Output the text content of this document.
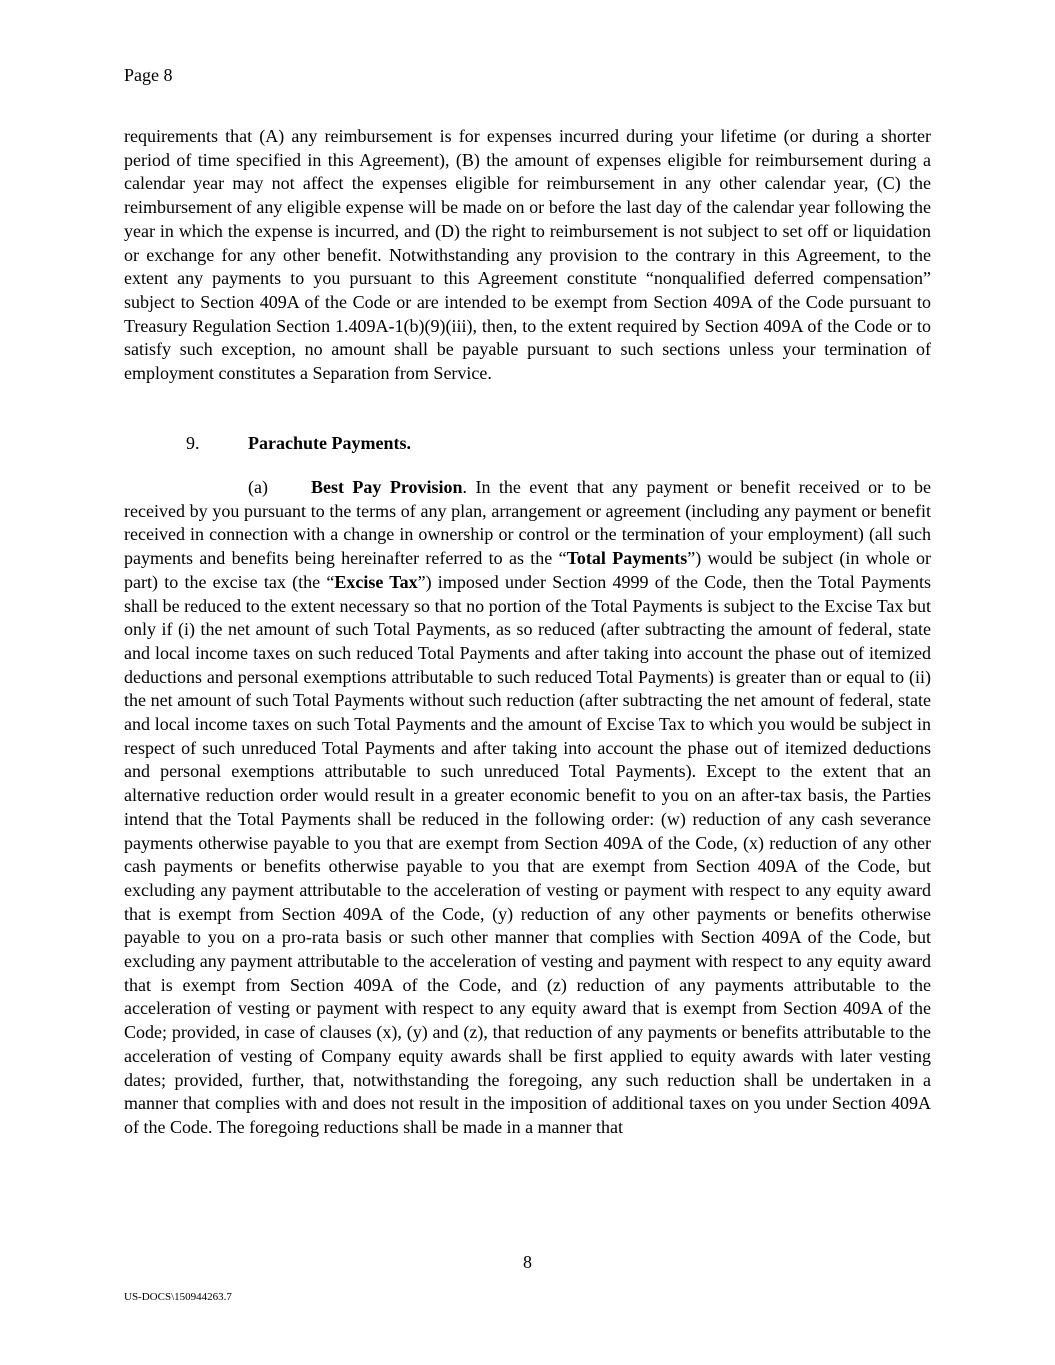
Page 8

requirements that (A) any reimbursement is for expenses incurred during your lifetime (or during a shorter period of time specified in this Agreement), (B) the amount of expenses eligible for reimbursement during a calendar year may not affect the expenses eligible for reimbursement in any other calendar year, (C) the reimbursement of any eligible expense will be made on or before the last day of the calendar year following the year in which the expense is incurred, and (D) the right to reimbursement is not subject to set off or liquidation or exchange for any other benefit. Notwithstanding any provision to the contrary in this Agreement, to the extent any payments to you pursuant to this Agreement constitute “nonqualified deferred compensation” subject to Section 409A of the Code or are intended to be exempt from Section 409A of the Code pursuant to Treasury Regulation Section 1.409A-1(b)(9)(iii), then, to the extent required by Section 409A of the Code or to satisfy such exception, no amount shall be payable pursuant to such sections unless your termination of employment constitutes a Separation from Service.

9.	Parachute Payments.

(a) Best Pay Provision. In the event that any payment or benefit received or to be received by you pursuant to the terms of any plan, arrangement or agreement (including any payment or benefit received in connection with a change in ownership or control or the termination of your employment) (all such payments and benefits being hereinafter referred to as the “Total Payments”) would be subject (in whole or part) to the excise tax (the “Excise Tax”) imposed under Section 4999 of the Code, then the Total Payments shall be reduced to the extent necessary so that no portion of the Total Payments is subject to the Excise Tax but only if (i) the net amount of such Total Payments, as so reduced (after subtracting the amount of federal, state and local income taxes on such reduced Total Payments and after taking into account the phase out of itemized deductions and personal exemptions attributable to such reduced Total Payments) is greater than or equal to (ii) the net amount of such Total Payments without such reduction (after subtracting the net amount of federal, state and local income taxes on such Total Payments and the amount of Excise Tax to which you would be subject in respect of such unreduced Total Payments and after taking into account the phase out of itemized deductions and personal exemptions attributable to such unreduced Total Payments). Except to the extent that an alternative reduction order would result in a greater economic benefit to you on an after-tax basis, the Parties intend that the Total Payments shall be reduced in the following order: (w) reduction of any cash severance payments otherwise payable to you that are exempt from Section 409A of the Code, (x) reduction of any other cash payments or benefits otherwise payable to you that are exempt from Section 409A of the Code, but excluding any payment attributable to the acceleration of vesting or payment with respect to any equity award that is exempt from Section 409A of the Code, (y) reduction of any other payments or benefits otherwise payable to you on a pro-rata basis or such other manner that complies with Section 409A of the Code, but excluding any payment attributable to the acceleration of vesting and payment with respect to any equity award that is exempt from Section 409A of the Code, and (z) reduction of any payments attributable to the acceleration of vesting or payment with respect to any equity award that is exempt from Section 409A of the Code; provided, in case of clauses (x), (y) and (z), that reduction of any payments or benefits attributable to the acceleration of vesting of Company equity awards shall be first applied to equity awards with later vesting dates; provided, further, that, notwithstanding the foregoing, any such reduction shall be undertaken in a manner that complies with and does not result in the imposition of additional taxes on you under Section 409A of the Code. The foregoing reductions shall be made in a manner that

8
US-DOCS\150944263.7
